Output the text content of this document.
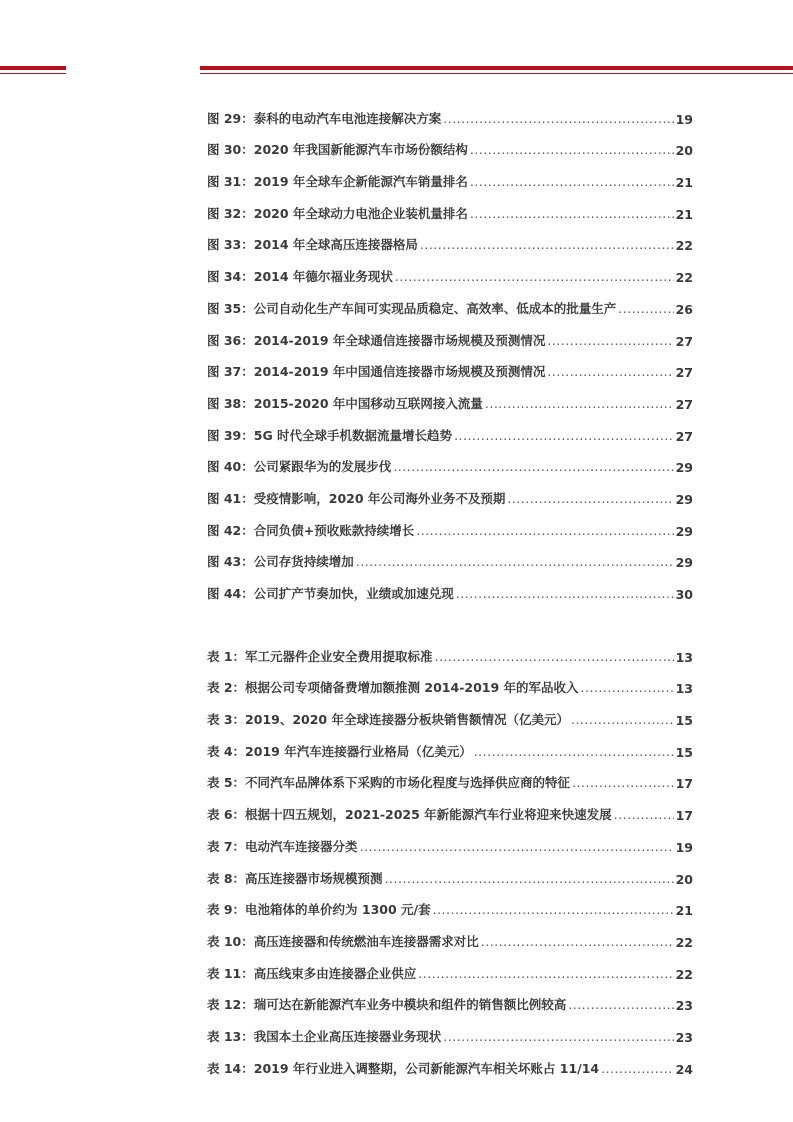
图 29：泰科的电动汽车电池连接解决方案 .....	19
图 30：2020 年我国新能源汽车市场份额结构 .....	20
图 31：2019 年全球车企新能源汽车销量排名 .....	21
图 32：2020 年全球动力电池企业装机量排名 .....	21
图 33：2014 年全球高压连接器格局 .....	22
图 34：2014 年德尔福业务现状 .....	22
图 35：公司自动化生产车间可实现品质稳定、高效率、低成本的批量生产 .....	26
图 36：2014-2019 年全球通信连接器市场规模及预测情况 .....	27
图 37：2014-2019 年中国通信连接器市场规模及预测情况 .....	27
图 38：2015-2020 年中国移动互联网接入流量 .....	27
图 39：5G 时代全球手机数据流量增长趋势 .....	27
图 40：公司紧跟华为的发展步伐 .....	29
图 41：受疫情影响，2020 年公司海外业务不及预期 .....	29
图 42：合同负债+预收账款持续增长 .....	29
图 43：公司存货持续增加 .....	29
图 44：公司扩产节奏加快，业绩或加速兑现 .....	30
表 1：军工元器件企业安全费用提取标准 .....	13
表 2：根据公司专项储备费增加额推测 2014-2019 年的军品收入 .....	13
表 3：2019、2020 年全球连接器分板块销售额情况（亿美元） .....	15
表 4：2019 年汽车连接器行业格局（亿美元） .....	15
表 5：不同汽车品牌体系下采购的市场化程度与选择供应商的特征 .....	17
表 6：根据十四五规划，2021-2025 年新能源汽车行业将迎来快速发展 .....	17
表 7：电动汽车连接器分类 .....	19
表 8：高压连接器市场规模预测 .....	20
表 9：电池箱体的单价约为 1300 元/套 .....	21
表 10：高压连接器和传统燃油车连接器需求对比 .....	22
表 11：高压线束多由连接器企业供应 .....	22
表 12：瑞可达在新能源汽车业务中模块和组件的销售额比例较高 .....	23
表 13：我国本土企业高压连接器业务现状 .....	23
表 14：2019 年行业进入调整期，公司新能源汽车相关坏账占 11/14 .....	24
